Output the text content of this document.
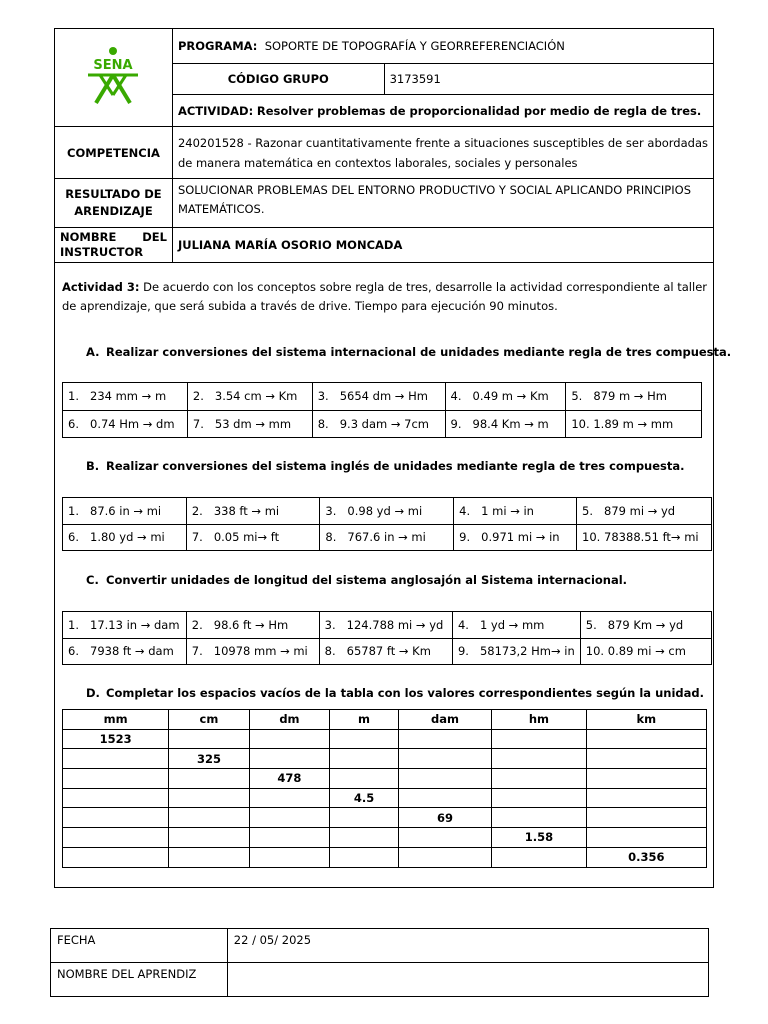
SENA	PROGRAMA: SOPORTE DE TOPOGRAFÍA Y GEORREFERENCIACIÓN	
	CÓDIGO GRUPO	3173591
	ACTIVIDAD: Resolver problemas de proporcionalidad por medio de regla de tres.	
COMPETENCIA	240201528 - Razonar cuantitativamente frente a situaciones susceptibles de ser abordadas de manera matemática en contextos laborales, sociales y personales	
RESULTADO DE
ARENDIZAJE	SOLUCIONAR PROBLEMAS DEL ENTORNO PRODUCTIVO Y SOCIAL APLICANDO PRINCIPIOS MATEMÁTICOS.	

NOMBRE DEL
INSTRUCTOR	JULIANA MARÍA OSORIO MONCADA	
Actividad 3: De acuerdo con los conceptos sobre regla de tres, desarrolle la actividad correspondiente al taller de aprendizaje, que será subida a través de drive. Tiempo para ejecución 90 minutos.
A. Realizar conversiones del sistema internacional de unidades mediante regla de tres compuesta.
1. 234 mm → m	2. 3.54 cm → Km	3. 5654 dm → Hm	4. 0.49 m → Km	5. 879 m → Hm
6. 0.74 Hm → dm	7. 53 dm → mm	8. 9.3 dam → 7cm	9. 98.4 Km → m	10. 1.89 m → mm
B. Realizar conversiones del sistema inglés de unidades mediante regla de tres compuesta.
1. 87.6 in → mi	2. 338 ft → mi	3. 0.98 yd → mi	4. 1 mi → in	5. 879 mi → yd
6. 1.80 yd → mi	7. 0.05 mi→ ft	8. 767.6 in → mi	9. 0.971 mi → in	10. 78388.51 ft→ mi
C. Convertir unidades de longitud del sistema anglosajón al Sistema internacional.
1. 17.13 in → dam	2. 98.6 ft → Hm	3. 124.788 mi → yd	4. 1 yd → mm	5. 879 Km → yd
6. 7938 ft → dam	7. 10978 mm → mi	8. 65787 ft → Km	9. 58173,2 Hm→ in	10. 0.89 mi → cm
D. Completar los espacios vacíos de la tabla con los valores correspondientes según la unidad.
mm	cm	dm	m	dam	hm	km
1523						
	325					
		478				
			4.5			
				69		
					1.58	
						0.356
FECHA	22 / 05/ 2025
NOMBRE DEL APRENDIZ	
